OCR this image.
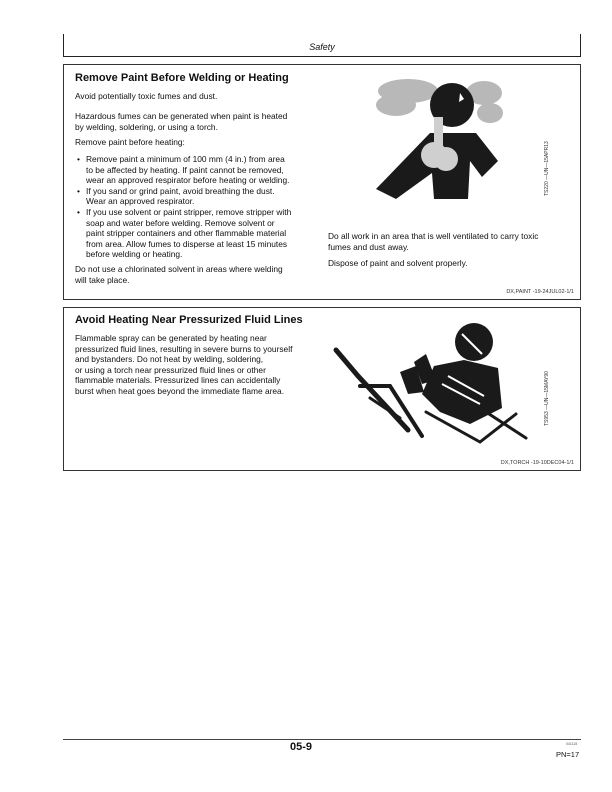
Safety
Remove Paint Before Welding or Heating
Avoid potentially toxic fumes and dust.
Hazardous fumes can be generated when paint is heated
by welding, soldering, or using a torch.
Remove paint before heating:
• Remove paint a minimum of 100 mm (4 in.) from area
to be affected by heating. If paint cannot be removed,
wear an approved respirator before heating or welding.
• If you sand or grind paint, avoid breathing the dust.
Wear an approved respirator.
• If you use solvent or paint stripper, remove stripper with
soap and water before welding. Remove solvent or
paint stripper containers and other flammable material
from area. Allow fumes to disperse at least 15 minutes
before welding or heating.
Do not use a chlorinated solvent in areas where welding
will take place.
TS220 —UN—15APR13
Do all work in an area that is well ventilated to carry toxic
fumes and dust away.
Dispose of paint and solvent properly.
DX,PAINT -19-24JUL02-1/1
Avoid Heating Near Pressurized Fluid Lines
Flammable spray can be generated by heating near
pressurized fluid lines, resulting in severe burns to yourself
and bystanders. Do not heat by welding, soldering,
or using a torch near pressurized fluid lines or other
flammable materials. Pressurized lines can accidentally
burst when heat goes beyond the immediate flame area.	TS953 —UN—15MAY90
DX,TORCH -19-10DEC04-1/1
05-9	041115
PN=17
